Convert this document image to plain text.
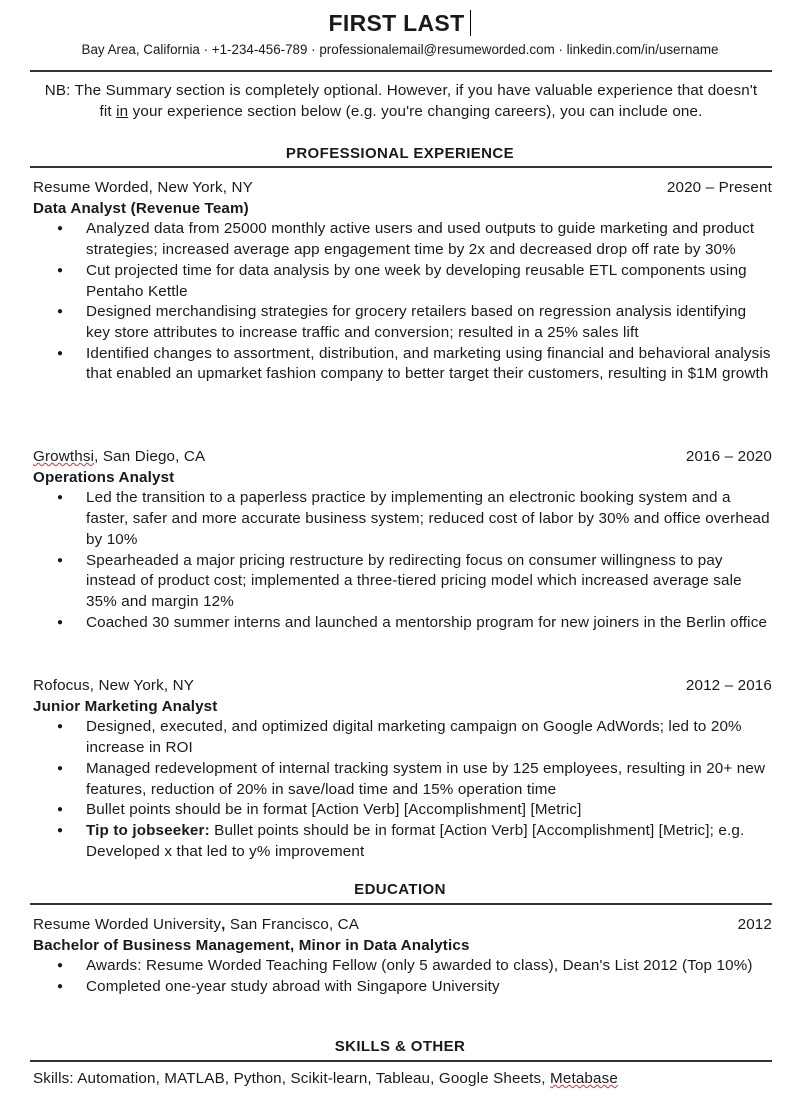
FIRST LAST
Bay Area, California · +1-234-456-789 · professionalemail@resumeworded.com · linkedin.com/in/username
NB: The Summary section is completely optional. However, if you have valuable experience that doesn't fit in your experience section below (e.g. you're changing careers), you can include one.
PROFESSIONAL EXPERIENCE
Resume Worded, New York, NY	2020 – Present
Data Analyst (Revenue Team)
● Analyzed data from 25000 monthly active users and used outputs to guide marketing and product strategies; increased average app engagement time by 2x and decreased drop off rate by 30%
● Cut projected time for data analysis by one week by developing reusable ETL components using Pentaho Kettle
● Designed merchandising strategies for grocery retailers based on regression analysis identifying key store attributes to increase traffic and conversion; resulted in a 25% sales lift
● Identified changes to assortment, distribution, and marketing using financial and behavioral analysis that enabled an upmarket fashion company to better target their customers, resulting in $1M growth
Growthsi, San Diego, CA	2016 – 2020
Operations Analyst
● Led the transition to a paperless practice by implementing an electronic booking system and a faster, safer and more accurate business system; reduced cost of labor by 30% and office overhead by 10%
● Spearheaded a major pricing restructure by redirecting focus on consumer willingness to pay instead of product cost; implemented a three-tiered pricing model which increased average sale 35% and margin 12%
● Coached 30 summer interns and launched a mentorship program for new joiners in the Berlin office
Rofocus, New York, NY	2012 – 2016
Junior Marketing Analyst
● Designed, executed, and optimized digital marketing campaign on Google AdWords; led to 20% increase in ROI
● Managed redevelopment of internal tracking system in use by 125 employees, resulting in 20+ new features, reduction of 20% in save/load time and 15% operation time
● Bullet points should be in format [Action Verb] [Accomplishment] [Metric]
● Tip to jobseeker: Bullet points should be in format [Action Verb] [Accomplishment] [Metric]; e.g. Developed x that led to y% improvement
EDUCATION
Resume Worded University, San Francisco, CA	2012
Bachelor of Business Management, Minor in Data Analytics
● Awards: Resume Worded Teaching Fellow (only 5 awarded to class), Dean's List 2012 (Top 10%)
● Completed one-year study abroad with Singapore University
SKILLS & OTHER
Skills: Automation, MATLAB, Python, Scikit-learn, Tableau, Google Sheets, Metabase
